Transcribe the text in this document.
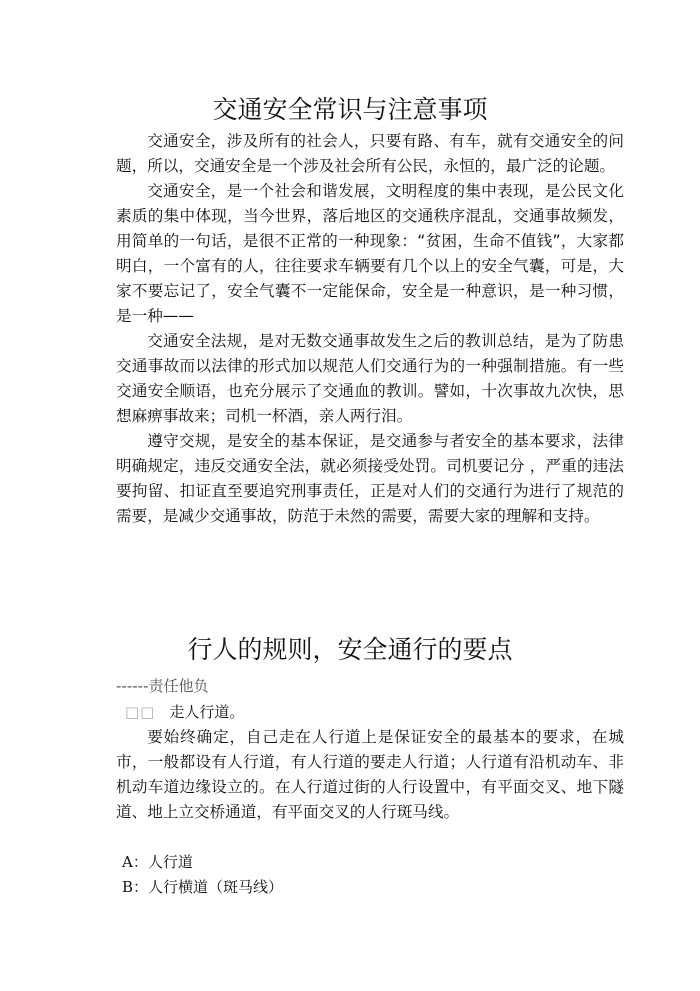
交通安全常识与注意事项

交通安全，涉及所有的社会人，只要有路、有车，就有交通安全的问题，所以，交通安全是一个涉及社会所有公民，永恒的，最广泛的论题。

交通安全，是一个社会和谐发展，文明程度的集中表现，是公民文化素质的集中体现，当今世界，落后地区的交通秩序混乱，交通事故频发，用简单的一句话，是很不正常的一种现象：“贫困，生命不值钱”，大家都明白，一个富有的人，往往要求车辆要有几个以上的安全气囊，可是，大家不要忘记了，安全气囊不一定能保命，安全是一种意识，是一种习惯，是一种——

交通安全法规，是对无数交通事故发生之后的教训总结，是为了防患交通事故而以法律的形式加以规范人们交通行为的一种强制措施。有一些交通安全顺语，也充分展示了交通血的教训。譬如，十次事故九次快，思想麻痹事故来；司机一杯酒，亲人两行泪。

遵守交规，是安全的基本保证，是交通参与者安全的基本要求，法律明确规定，违反交通安全法，就必须接受处罚。司机要记分 ，严重的违法要拘留、扣证直至要追究刑事责任，正是对人们的交通行为进行了规范的需要，是减少交通事故，防范于未然的需要，需要大家的理解和支持。

行人的规则，安全通行的要点
------责任他负
□□ 走人行道。

要始终确定，自己走在人行道上是保证安全的最基本的要求，在城市，一般都设有人行道，有人行道的要走人行道；人行道有沿机动车、非机动车道边缘设立的。在人行道过街的人行设置中，有平面交叉、地下隧道、地上立交桥通道，有平面交叉的人行斑马线。

A：人行道
B：人行横道（斑马线）
